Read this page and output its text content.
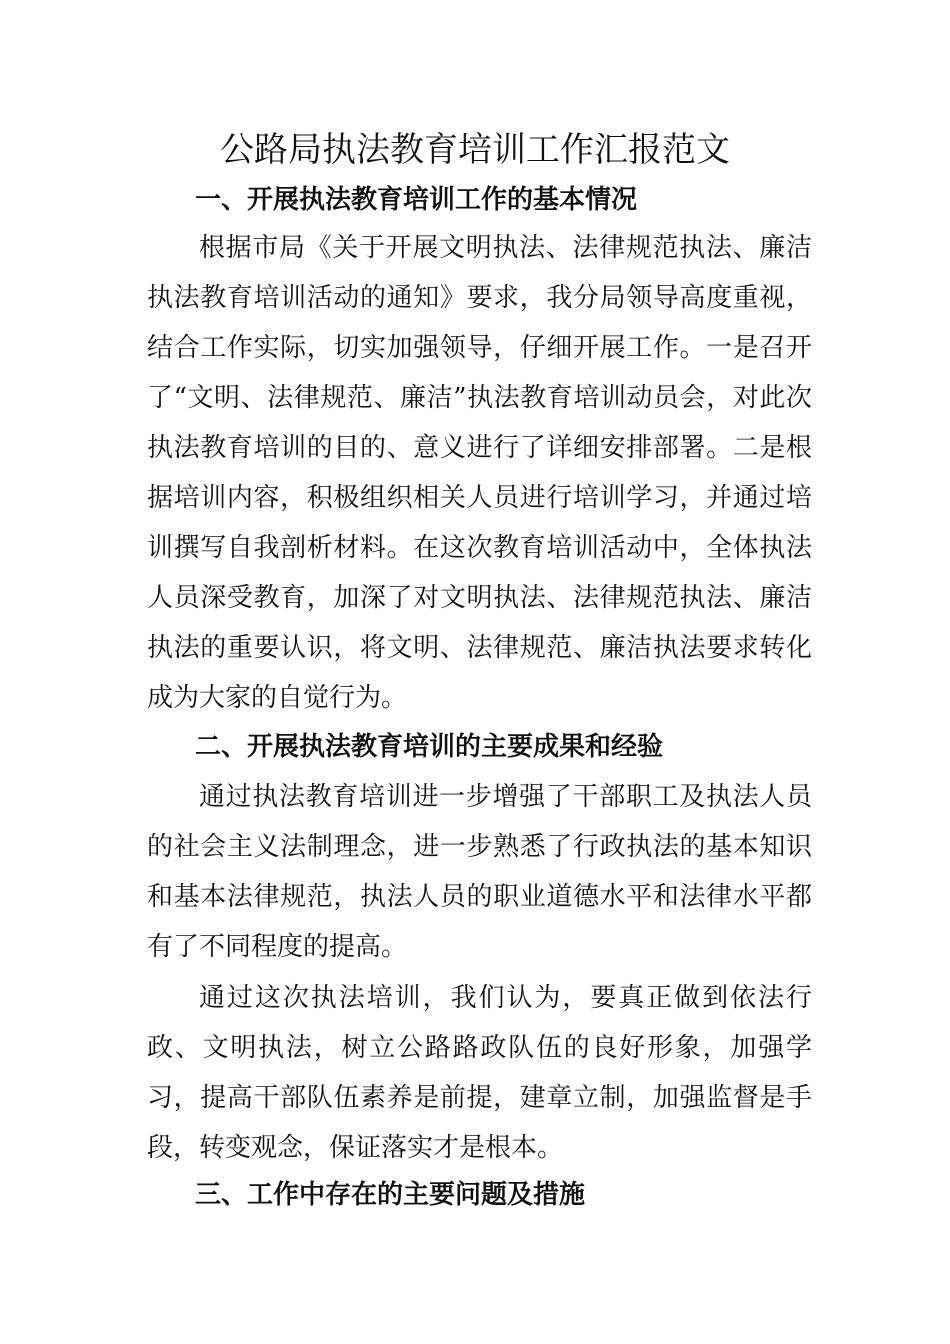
公路局执法教育培训工作汇报范文
一、开展执法教育培训工作的基本情况

根据市局《关于开展文明执法、法律规范执法、廉洁执法教育培训活动的通知》要求，我分局领导高度重视，结合工作实际，切实加强领导，仔细开展工作。一是召开了“文明、法律规范、廉洁”执法教育培训动员会，对此次执法教育培训的目的、意义进行了详细安排部署。二是根据培训内容，积极组织相关人员进行培训学习，并通过培训撰写自我剖析材料。在这次教育培训活动中，全体执法人员深受教育，加深了对文明执法、法律规范执法、廉洁执法的重要认识，将文明、法律规范、廉洁执法要求转化成为大家的自觉行为。

二、开展执法教育培训的主要成果和经验

通过执法教育培训进一步增强了干部职工及执法人员的社会主义法制理念，进一步熟悉了行政执法的基本知识和基本法律规范，执法人员的职业道德水平和法律水平都有了不同程度的提高。

通过这次执法培训，我们认为，要真正做到依法行政、文明执法，树立公路路政队伍的良好形象，加强学习，提高干部队伍素养是前提，建章立制，加强监督是手段，转变观念，保证落实才是根本。

三、工作中存在的主要问题及措施
